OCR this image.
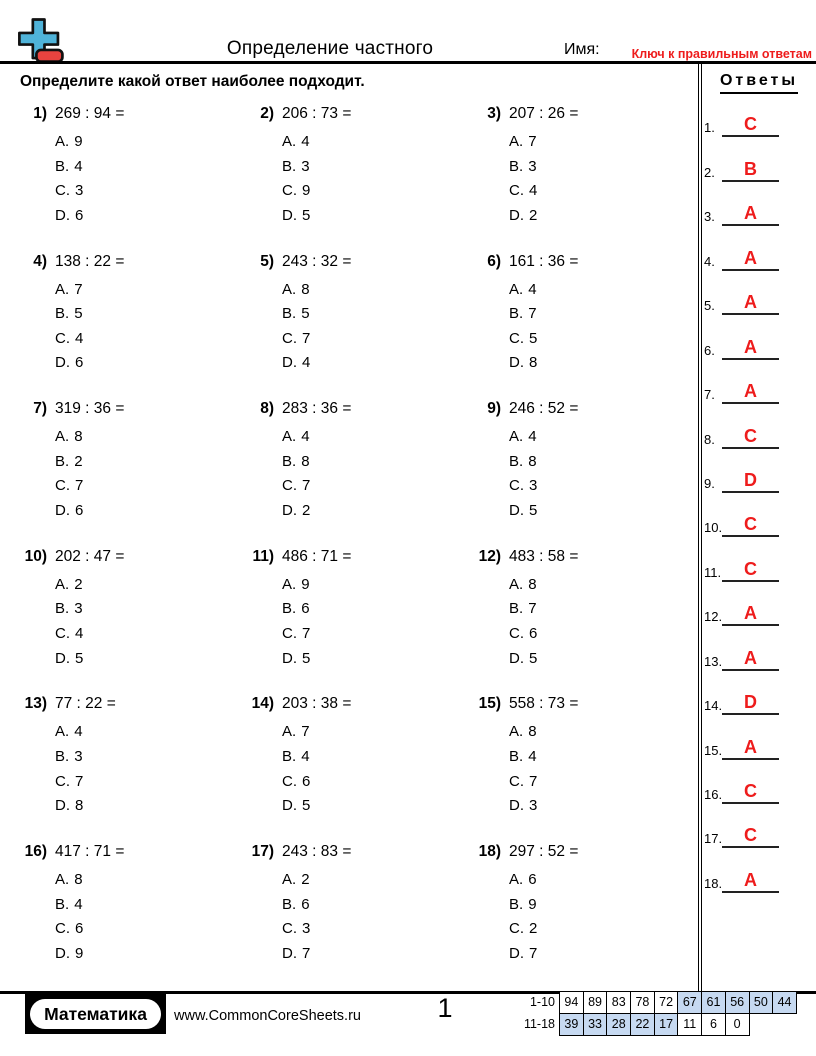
Определение частного	Имя:	Ключ к правильным ответам
Определите какой ответ наиболее подходит.
1) 269 : 94 =
A. 9
B. 4
C. 3
D. 6
2) 206 : 73 =
A. 4
B. 3
C. 9
D. 5
3) 207 : 26 =
A. 7
B. 3
C. 4
D. 2
4) 138 : 22 =
A. 7
B. 5
C. 4
D. 6
5) 243 : 32 =
A. 8
B. 5
C. 7
D. 4
6) 161 : 36 =
A. 4
B. 7
C. 5
D. 8
7) 319 : 36 =
A. 8
B. 2
C. 7
D. 6
8) 283 : 36 =
A. 4
B. 8
C. 7
D. 2
9) 246 : 52 =
A. 4
B. 8
C. 3
D. 5
10) 202 : 47 =
A. 2
B. 3
C. 4
D. 5
11) 486 : 71 =
A. 9
B. 6
C. 7
D. 5
12) 483 : 58 =
A. 8
B. 7
C. 6
D. 5
13) 77 : 22 =
A. 4
B. 3
C. 7
D. 8
14) 203 : 38 =
A. 7
B. 4
C. 6
D. 5
15) 558 : 73 =
A. 8
B. 4
C. 7
D. 3
16) 417 : 71 =
A. 8
B. 4
C. 6
D. 9
17) 243 : 83 =
A. 2
B. 6
C. 3
D. 7
18) 297 : 52 =
A. 6
B. 9
C. 2
D. 7
Ответы
1.	C
2.	B
3.	A
4.	A
5.	A
6.	A
7.	A
8.	C
9.	D
10.	C
11.	C
12.	A
13.	A
14.	D
15.	A
16.	C
17.	C
18.	A
Математика	www.CommonCoreSheets.ru	1	1-10 94 89 83 78 72 67 61 56 50 44
11-18 39 33 28 22 17 11	6	0
